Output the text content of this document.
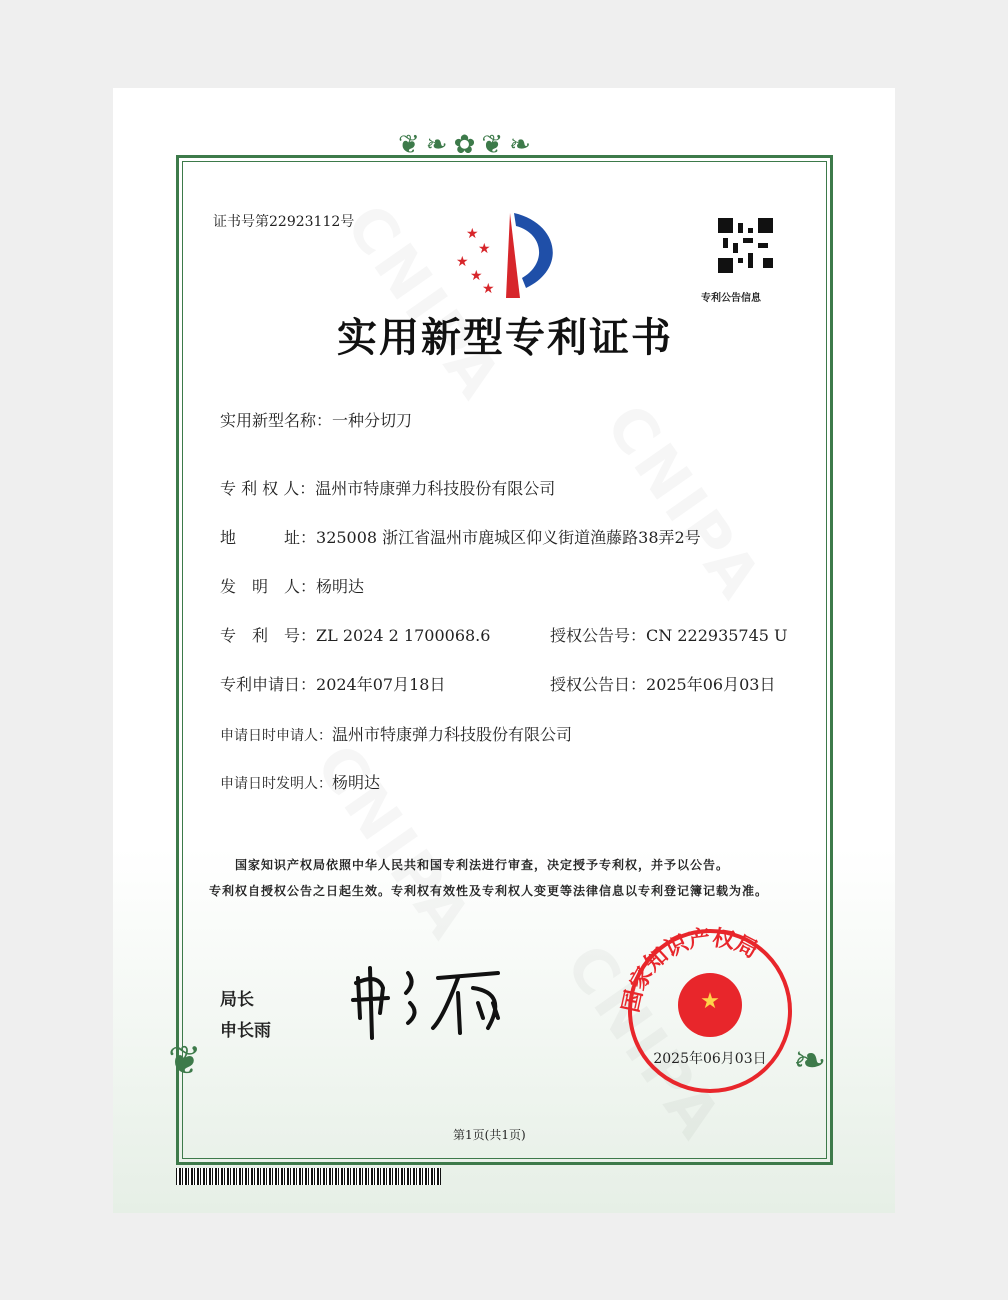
❦❧✿❦❧
❦	❧
证书号第22923112号
★
★
★
★
★
专利公告信息
实用新型专利证书
实用新型名称：一种分切刀
专 利 权 人：温州市特康弹力科技股份有限公司
地　　　址：325008 浙江省温州市鹿城区仰义街道渔藤路38弄2号
发　明　人：杨明达
专　利　号：ZL 2024 2 1700068.6	授权公告号：CN 222935745 U
专利申请日：2024年07月18日	授权公告日：2025年06月03日
申请日时申请人：温州市特康弹力科技股份有限公司
申请日时发明人：杨明达
国家知识产权局依照中华人民共和国专利法进行审查，决定授予专利权，并予以公告。
专利权自授权公告之日起生效。专利权有效性及专利权人变更等法律信息以专利登记簿记载为准。
局长
申长雨
国家知识产权局
★
2025年06月03日
第1页(共1页)
